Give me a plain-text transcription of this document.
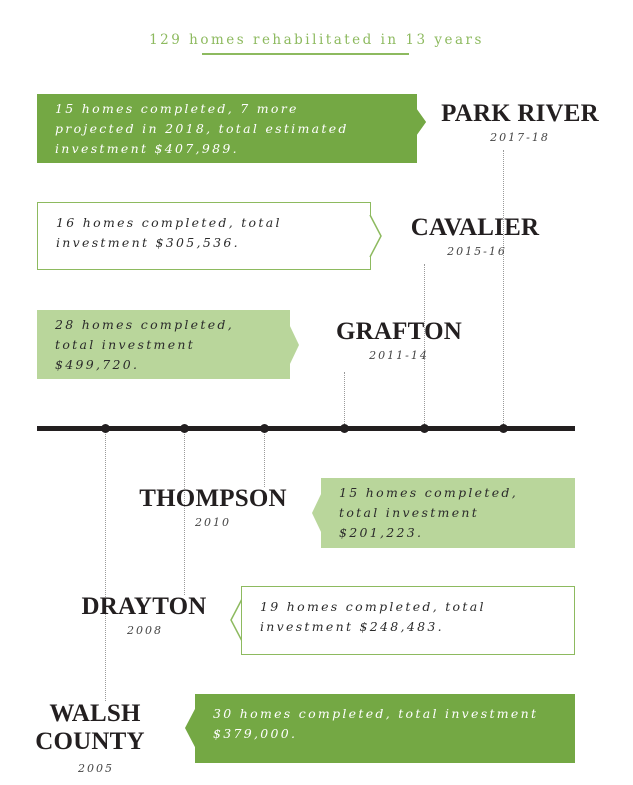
129 homes rehabilitated in 13 years
15 homes completed, 7 more
projected in 2018, total estimated
investment $407,989.
PARK RIVER
2017-18
16 homes completed, total
investment $305,536.
CAVALIER
2015-16
28 homes completed,
total investment
$499,720.
GRAFTON
2011-14
THOMPSON
2010
15 homes completed,
total investment
$201,223.
DRAYTON
2008
19 homes completed, total
investment $248,483.
WALSH
COUNTY
2005
30 homes completed, total investment
$379,000.
